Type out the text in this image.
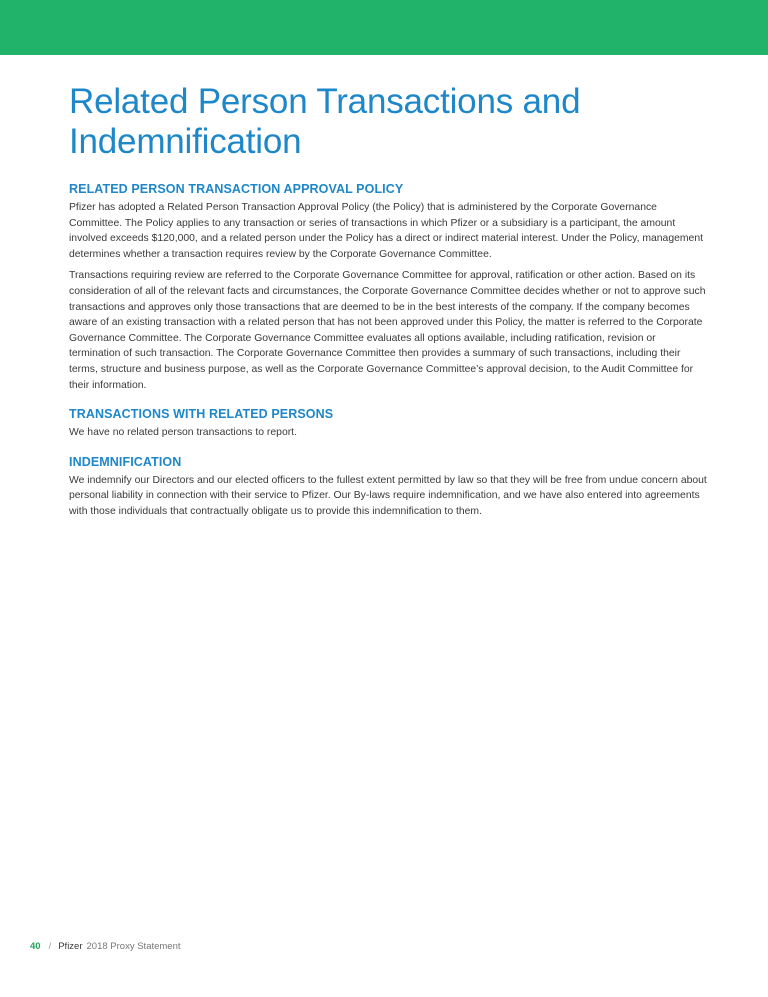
Related Person Transactions and
Indemnification
RELATED PERSON TRANSACTION APPROVAL POLICY

Pfizer has adopted a Related Person Transaction Approval Policy (the Policy) that is administered by the Corporate Governance Committee. The Policy applies to any transaction or series of transactions in which Pfizer or a subsidiary is a participant, the amount involved exceeds $120,000, and a related person under the Policy has a direct or indirect material interest. Under the Policy, management determines whether a transaction requires review by the Corporate Governance Committee.

Transactions requiring review are referred to the Corporate Governance Committee for approval, ratification or other action. Based on its consideration of all of the relevant facts and circumstances, the Corporate Governance Committee decides whether or not to approve such transactions and approves only those transactions that are deemed to be in the best interests of the company. If the company becomes aware of an existing transaction with a related person that has not been approved under this Policy, the matter is referred to the Corporate Governance Committee. The Corporate Governance Committee evaluates all options available, including ratification, revision or termination of such transaction. The Corporate Governance Committee then provides a summary of such transactions, including their terms, structure and business purpose, as well as the Corporate Governance Committee’s approval decision, to the Audit Committee for their information.

TRANSACTIONS WITH RELATED PERSONS

We have no related person transactions to report.

INDEMNIFICATION

We indemnify our Directors and our elected officers to the fullest extent permitted by law so that they will be free from undue concern about personal liability in connection with their service to Pfizer. Our By-laws require indemnification, and we have also entered into agreements with those individuals that contractually obligate us to provide this indemnification to them.

40 / Pfizer 2018 Proxy Statement
